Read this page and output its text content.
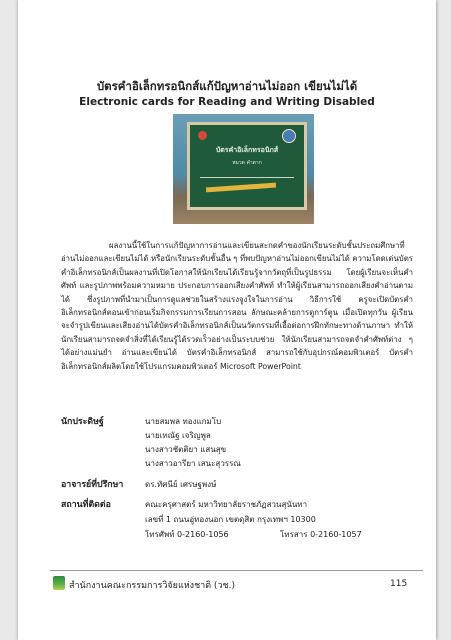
บัตรคำอิเล็กทรอนิกส์แก้ปัญหาอ่านไม่ออก เขียนไม่ได้
Electronic cards for Reading and Writing Disabled
บัตรคำอิเล็กทรอนิกส์
หมวด คำตาก
ผลงานนี้ใช้ในการแก้ปัญหาการอ่านและเขียนสะกดคำของนักเรียนระดับชั้นประถมศึกษาที่อ่านไม่ออกและเขียนไม่ได้ หรือนักเรียนระดับชั้นอื่น ๆ ที่พบปัญหาอ่านไม่ออกเขียนไม่ได้ ความโดดเด่นบัตรคำอิเล็กทรอนิกส์เป็นผลงานที่เปิดโอกาสให้นักเรียนได้เรียนรู้จากวัตถุที่เป็นรูปธรรม โดยผู้เรียนจะเห็นคำศัพท์ และรูปภาพพร้อมความหมาย ประกอบการออกเสียงคำศัพท์ ทำให้ผู้เรียนสามารถออกเสียงคำอ่านตามได้ ซึ่งรูปภาพที่นำมาเป็นการดูแลช่วยในสร้างแรงจูงใจในการอ่าน วิธีการใช้ ครูจะเปิดบัตรคำอิเล็กทรอนิกส์ตอนเข้าก่อนเริ่มกิจกรรมการเรียนการสอน ลักษณะคล้ายการดูการ์ตูน เมื่อเปิดทุกวัน ผู้เรียนจะจำรูปเขียนและเสียงอ่านได้บัตรคำอิเล็กทรอนิกส์เป็นนวัตกรรมที่เอื้อต่อการฝึกทักษะทางด้านภาษา ทำให้นักเรียนสามารถจดจำสิ่งที่ได้เรียนรู้ได้รวดเร็วอย่างเป็นระบบช่วย ให้นักเรียนสามารถจดจำคำศัพท์ต่าง ๆ ได้อย่างแม่นยำ อ่านและเขียนได้ บัตรคำอิเล็กทรอนิกส์ สามารถใช้กับอุปกรณ์คอมพิวเตอร์ บัตรคำอิเล็กทรอนิกส์ผลิตโดยใช้โปรแกรมคอมพิวเตอร์ Microsoft PowerPoint
นักประดิษฐ์	นายสมพล ทองแกมโบ
นายเทณัฐ เจริญพูล
นางสาวชัตติยา แสนสุข
นางสาวอารียา เสนะสุวรรณ
อาจารย์ที่ปรึกษา	ดร.ทัศนีย์ เศรษฐพงษ์
สถานที่ติดต่อ	คณะครุศาสตร์ มหาวิทยาลัยราชภัฏสวนสุนันทา
เลขที่ 1 ถนนอู่ทองนอก เขตดุสิต กรุงเทพฯ 10300
โทรศัพท์ 0-2160-1056	โทรสาร 0-2160-1057
สำนักงานคณะกรรมการวิจัยแห่งชาติ (วช.)	115
